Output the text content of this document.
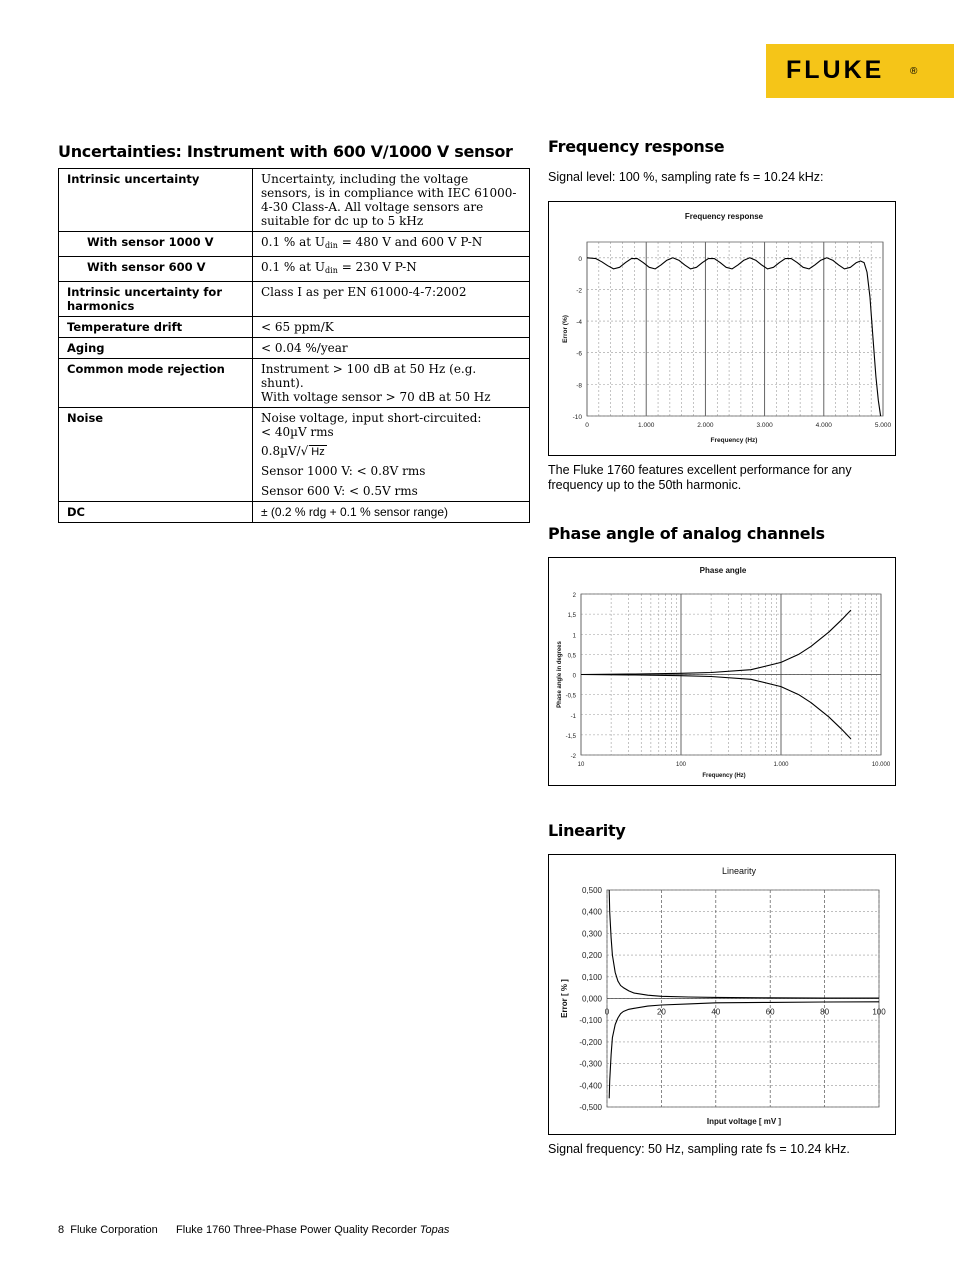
FLUKE	®
Uncertainties: Instrument with 600 V/1000 V sensor
Intrinsic uncertainty	Uncertainty, including the voltage sensors, is in compliance with IEC 61000-4-30 Class-A. All voltage sensors are suitable for dc up to 5 kHz
With sensor 1000 V	0.1 % at $U_{din} = 480$ V and 600 V P-N
With sensor 600 V	0.1 % at $U_{din} = 230$ V P-N
Intrinsic uncertainty for harmonics	Class I as per EN 61000-4-7:2002
Temperature drift	< 65 ppm/K
Aging	< 0.04 %/year
Common mode rejection	Instrument > 100 dB at 50 Hz (e.g. shunt).
With voltage sensor > 70 dB at 50 Hz

Noise	Noise voltage, input short-circuited:
< 40µV rms
0.8µV/√ Hz
Sensor 1000 V: < 0.8V rms
Sensor 600 V: < 0.5V rms

DC	± (0.2 % rdg + 0.1 % sensor range)
Frequency response
Signal level: 100 %, sampling rate fs = 10.24 kHz:
0	1.000	2.000	3.000	4.000	5.000
0
-2
-4
-6
-8
-10
Frequency response
Frequency (Hz)
Error (%)
The Fluke 1760 features excellent performance for any frequency up to the 50th harmonic.
Phase angle of analog channels
10	100	1.000	10.000
2
1,5
1
0,5
0
-0,5
-1
-1,5
-2
Phase angle
Frequency (Hz)
Phase angle in degrees
Linearity
0	20	40	60	80	100
0,500
0,400
0,300
0,200
0,100
0,000
-0,100
-0,200
-0,300
-0,400
-0,500
Linearity
Input voltage [ mV ]
Error [ % ]
Signal frequency: 50 Hz, sampling rate fs = 10.24 kHz.
8 Fluke Corporation Fluke 1760 Three-Phase Power Quality Recorder Topas
